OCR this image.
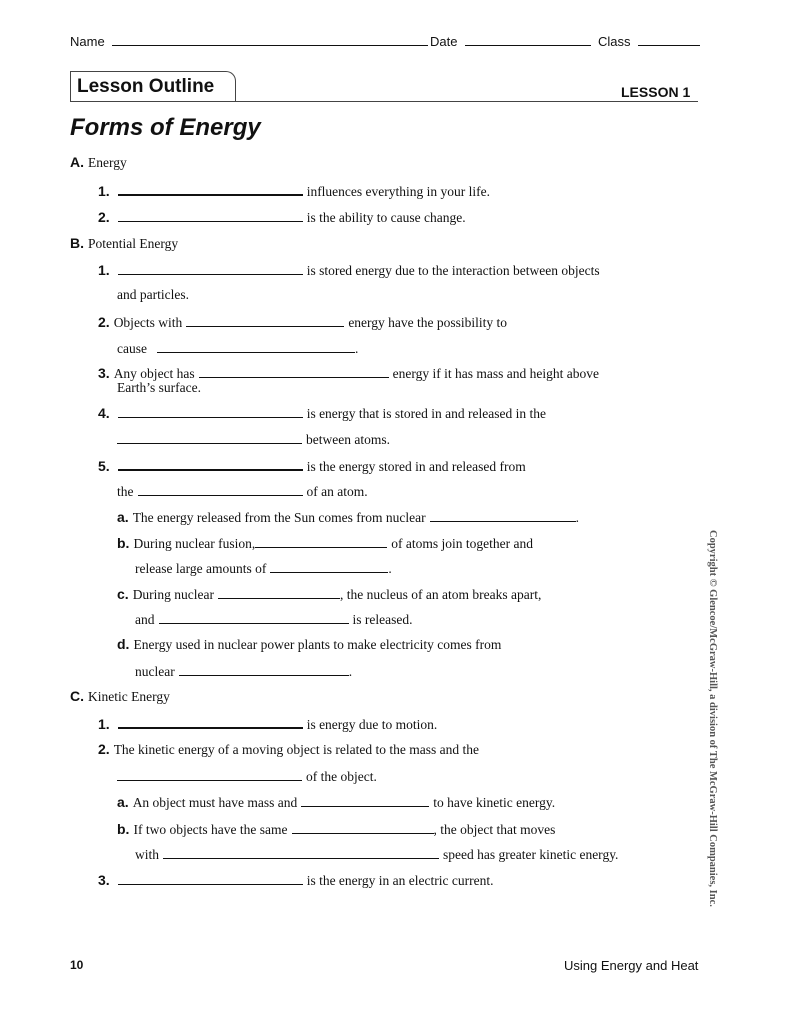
Name	Date	Class
Lesson Outline	LESSON 1
Forms of Energy
A. Energy
1.	influences everything in your life.
2.	is the ability to cause change.
B. Potential Energy
1.	is stored energy due to the interaction between objects
and particles.
2. Objects with	energy have the possibility to
cause	.
3. Any object has	energy if it has mass and height above
Earth’s surface.
4.	is energy that is stored in and released in the
between atoms.
5.	is the energy stored in and released from
the	of an atom.
a. The energy released from the Sun comes from nuclear	.
b. During nuclear fusion,	of atoms join together and
release large amounts of	.
c. During nuclear	, the nucleus of an atom breaks apart,
and	is released.
d. Energy used in nuclear power plants to make electricity comes from
nuclear	.
C. Kinetic Energy
1.	is energy due to motion.
2. The kinetic energy of a moving object is related to the mass and the
of the object.
a. An object must have mass and	to have kinetic energy.
b. If two objects have the same	, the object that moves
with	speed has greater kinetic energy.
3.	is the energy in an electric current.	Copyright © Glencoe/McGraw-Hill, a division of The McGraw-Hill Companies, Inc.
10	Using Energy and Heat
